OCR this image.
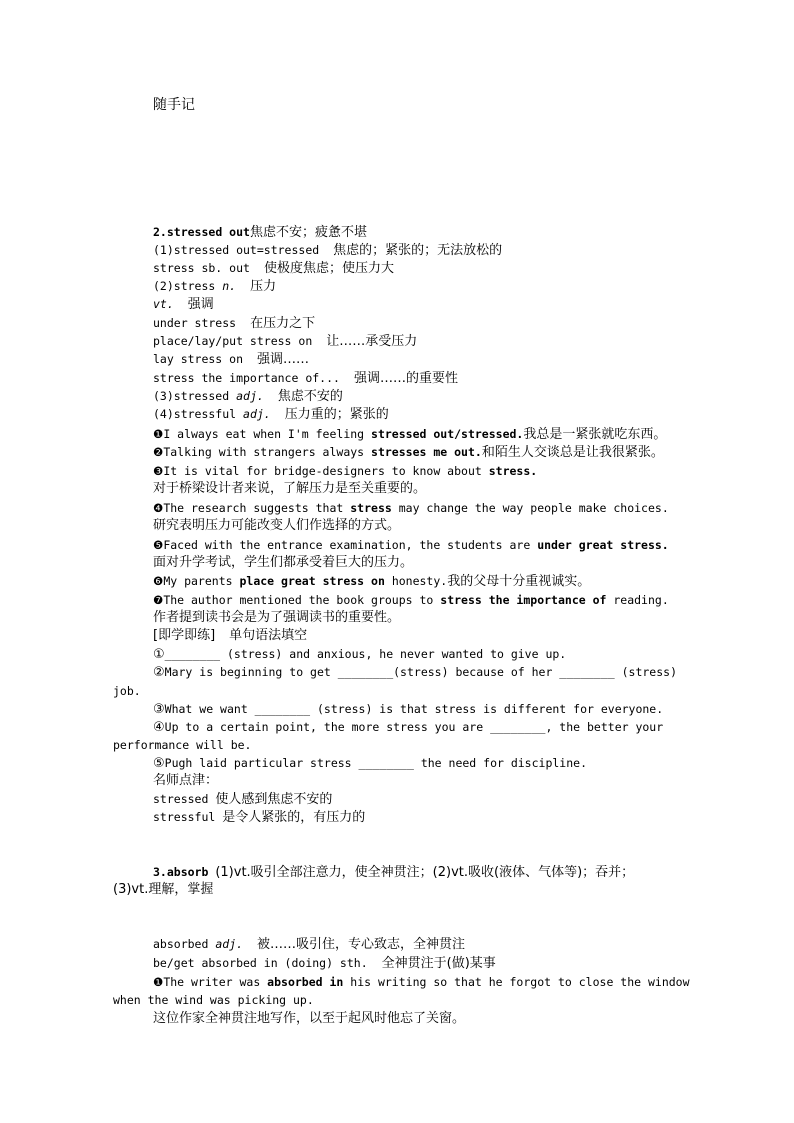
随手记
2.stressed out焦虑不安；疲惫不堪
(1)stressed out=stressed 焦虑的；紧张的；无法放松的
stress sb. out 使极度焦虑；使压力大
(2)stress n. 压力
vt. 强调
under stress 在压力之下
place/lay/put stress on 让……承受压力
lay stress on 强调……
stress the importance of... 强调……的重要性
(3)stressed adj. 焦虑不安的
(4)stressful adj. 压力重的；紧张的
❶I always eat when I'm feeling stressed out/stressed.我总是一紧张就吃东西。
❷Talking with strangers always stresses me out.和陌生人交谈总是让我很紧张。
❸It is vital for bridge-designers to know about stress.
对于桥梁设计者来说，了解压力是至关重要的。
❹The research suggests that stress may change the way people make choices.
研究表明压力可能改变人们作选择的方式。
❺Faced with the entrance examination, the students are under great stress.
面对升学考试，学生们都承受着巨大的压力。
❻My parents place great stress on honesty.我的父母十分重视诚实。
❼The author mentioned the book groups to stress the importance of reading.
作者提到读书会是为了强调读书的重要性。
[即学即练] 单句语法填空
①________ (stress) and anxious, he never wanted to give up.
②Mary is beginning to get ________(stress) because of her ________ (stress)
job.
③What we want ________ (stress) is that stress is different for everyone.
④Up to a certain point, the more stress you are ________, the better your
performance will be.
⑤Pugh laid particular stress ________ the need for discipline.
名师点津：
stressed 使人感到焦虑不安的
stressful 是令人紧张的，有压力的
3.absorb (1)vt.吸引全部注意力，使全神贯注；(2)vt.吸收(液体、气体等)；吞并；
(3)vt.理解，掌握
absorbed adj. 被……吸引住，专心致志，全神贯注
be/get absorbed in (doing) sth. 全神贯注于(做)某事
❶The writer was absorbed in his writing so that he forgot to close the window
when the wind was picking up.
这位作家全神贯注地写作，以至于起风时他忘了关窗。
